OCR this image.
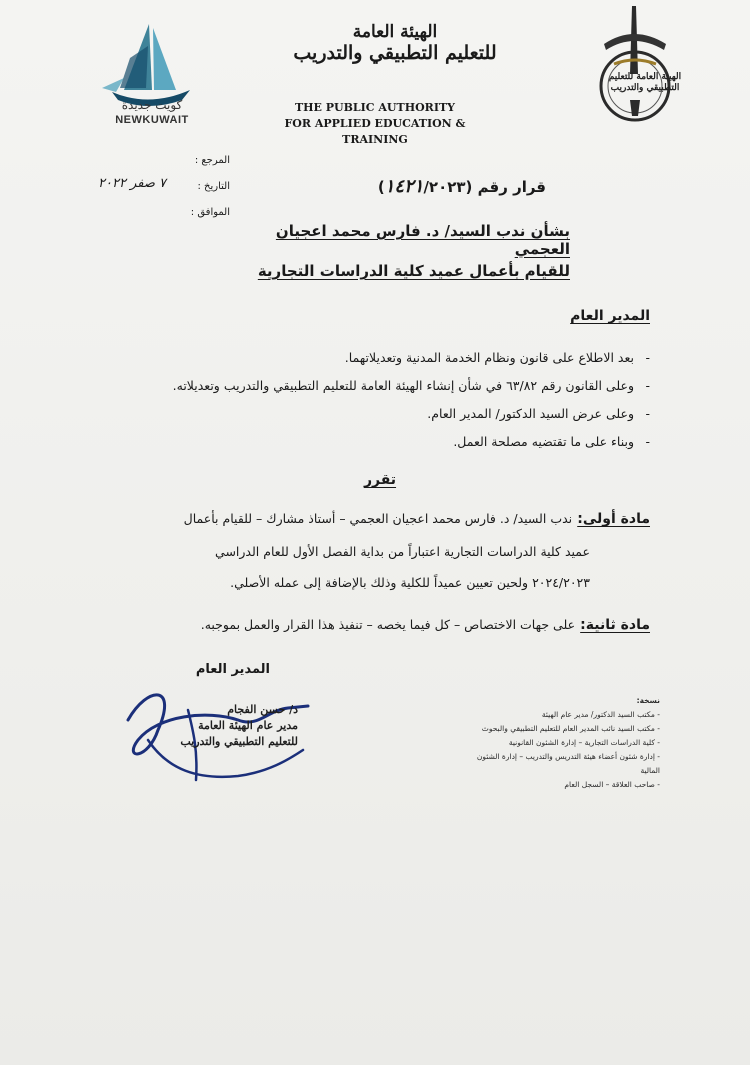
كويت جديدة
NEWKUWAIT
الهيئة العامة
للتعليم التطبيقي والتدريب
THE PUBLIC AUTHORITY
FOR APPLIED EDUCATION & TRAINING
الهيئة العامة للتعليم التطبيقي والتدريب
المرجع :
التاريخ :
الموافق :
٧ صفر ٢٠٢٢	قرار رقم (١٤٢١/٢٠٢٣)
بشأن ندب السيد/ د. فارس محمد اعجيان العجمي
للقيام بأعمال عميد كلية الدراسات التجارية
المدير العام
-بعد الاطلاع على قانون ونظام الخدمة المدنية وتعديلاتهما.
-وعلى القانون رقم ٦٣/٨٢ في شأن إنشاء الهيئة العامة للتعليم التطبيقي والتدريب وتعديلاته.
-وعلى عرض السيد الدكتور/ المدير العام.
-وبناء على ما تقتضيه مصلحة العمل.
تقرر
مادة أولى: ندب السيد/ د. فارس محمد اعجيان العجمي – أستاذ مشارك – للقيام بأعمال
عميد كلية الدراسات التجارية اعتباراً من بداية الفصل الأول للعام الدراسي
٢٠٢٤/٢٠٢٣ ولحين تعيين عميداً للكلية وذلك بالإضافة إلى عمله الأصلي.
مادة ثانية: على جهات الاختصاص – كل فيما يخصه – تنفيذ هذا القرار والعمل بموجبه.
المدير العام
د/ حسن الفجام
مدير عام الهيئة العامة
للتعليم التطبيقي والتدريب
نسخة:
- مكتب السيد الدكتور/ مدير عام الهيئة
- مكتب السيد نائب المدير العام للتعليم التطبيقي والبحوث
- كلية الدراسات التجارية – إدارة الشئون القانونية
- إدارة شئون أعضاء هيئة التدريس والتدريب – إدارة الشئون المالية
- صاحب العلاقة – السجل العام
